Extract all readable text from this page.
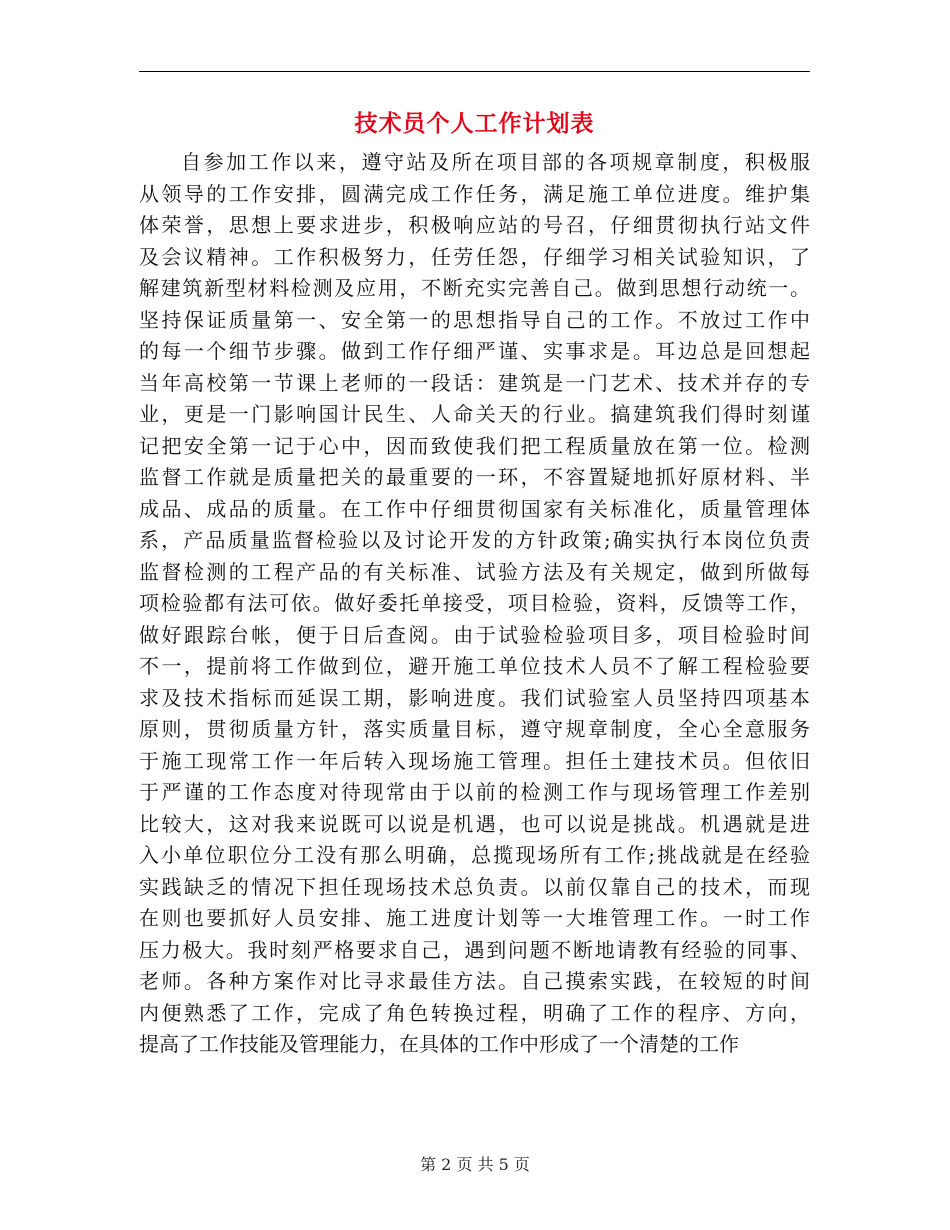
技术员个人工作计划表
自参加工作以来，遵守站及所在项目部的各项规章制度，积极服
从领导的工作安排，圆满完成工作任务，满足施工单位进度。维护集
体荣誉，思想上要求进步，积极响应站的号召，仔细贯彻执行站文件
及会议精神。工作积极努力，任劳任怨，仔细学习相关试验知识，了
解建筑新型材料检测及应用，不断充实完善自己。做到思想行动统一。
坚持保证质量第一、安全第一的思想指导自己的工作。不放过工作中
的每一个细节步骤。做到工作仔细严谨、实事求是。耳边总是回想起
当年高校第一节课上老师的一段话：建筑是一门艺术、技术并存的专
业，更是一门影响国计民生、人命关天的行业。搞建筑我们得时刻谨
记把安全第一记于心中，因而致使我们把工程质量放在第一位。检测
监督工作就是质量把关的最重要的一环，不容置疑地抓好原材料、半
成品、成品的质量。在工作中仔细贯彻国家有关标准化，质量管理体
系，产品质量监督检验以及讨论开发的方针政策;确实执行本岗位负责
监督检测的工程产品的有关标准、试验方法及有关规定，做到所做每
项检验都有法可依。做好委托单接受，项目检验，资料，反馈等工作，
做好跟踪台帐，便于日后查阅。由于试验检验项目多，项目检验时间
不一，提前将工作做到位，避开施工单位技术人员不了解工程检验要
求及技术指标而延误工期，影响进度。我们试验室人员坚持四项基本
原则，贯彻质量方针，落实质量目标，遵守规章制度，全心全意服务
于施工现常工作一年后转入现场施工管理。担任土建技术员。但依旧
于严谨的工作态度对待现常由于以前的检测工作与现场管理工作差别
比较大，这对我来说既可以说是机遇，也可以说是挑战。机遇就是进
入小单位职位分工没有那么明确，总揽现场所有工作;挑战就是在经验
实践缺乏的情况下担任现场技术总负责。以前仅靠自己的技术，而现
在则也要抓好人员安排、施工进度计划等一大堆管理工作。一时工作
压力极大。我时刻严格要求自己，遇到问题不断地请教有经验的同事、
老师。各种方案作对比寻求最佳方法。自己摸索实践，在较短的时间
内便熟悉了工作，完成了角色转换过程，明确了工作的程序、方向，
提高了工作技能及管理能力，在具体的工作中形成了一个清楚的工作
第 2 页 共 5 页
